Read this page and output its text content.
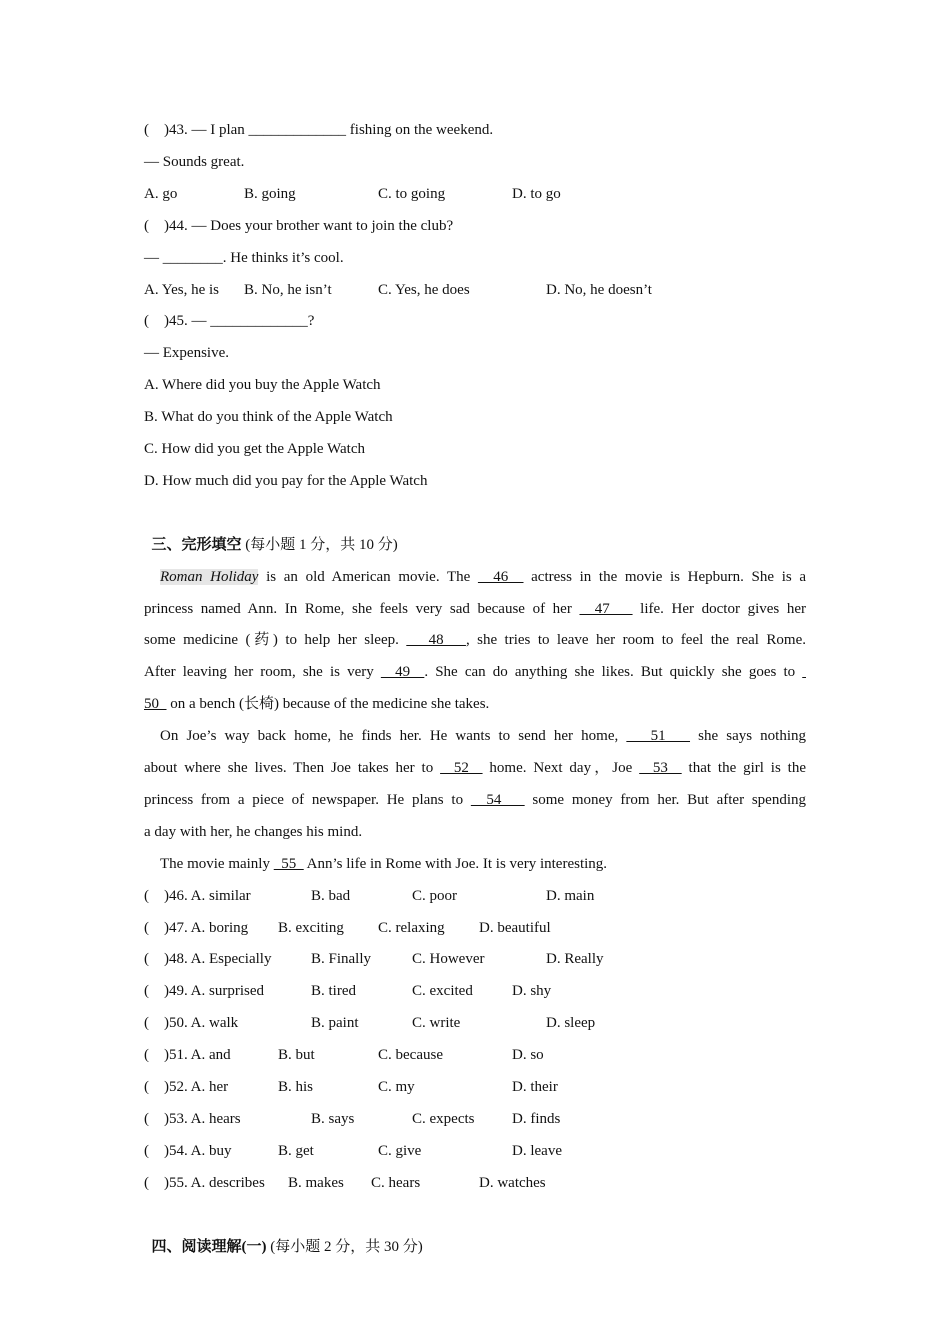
(    )43. — I plan _____________ fishing on the weekend.
— Sounds great.
A. go	B. going	C. to going	D. to go
(    )44. — Does your brother want to join the club?
— ________. He thinks it’s cool.
A. Yes, he is B. No, he isn’t	C. Yes, he does	D. No, he doesn’t
(    )45. — _____________?
— Expensive.
A. Where did you buy the Apple Watch
B. What do you think of the Apple Watch
C. How did you get the Apple Watch
D. How much did you pay for the Apple Watch
Roman Holiday is an old American movie. The   46   actress in the movie is Hepburn. She is a
princess named Ann. In Rome, she feels very sad because of her   47    life. Her doctor gives her
some medicine (药) to help her sleep.    48   , she tries to leave her room to feel the real Rome.
After leaving her room, she is very   49  . She can do anything she likes. But quickly she goes to
50   on a bench (长椅) because of the medicine she takes.
On Joe’s way back home, he finds her. He wants to send her home,    51    she says nothing
about where she lives. Then Joe takes her to   52   home. Next day，Joe   53   that the girl is the
princess from a piece of newspaper. He plans to   54    some money from her. But after spending
a day with her, he changes his mind.
The movie mainly   55   Ann’s life in Rome with Joe. It is very interesting.
(    )46. A. similar	B. bad	C. poor	D. main
(    )47. A. boring B. exciting C. relaxing D. beautiful
(    )48. A. Especially	B. Finally	C. However	D. Really
(    )49. A. surprised	B. tired	C. excited	D. shy
(    )50. A. walk	B. paint	C. write	D. sleep
(    )51. A. and	B. but	C. because	D. so
(    )52. A. her	B. his	C. my	D. their
(    )53. A. hears	B. says	C. expects	D. finds
(    )54. A. buy	B. get	C. give	D. leave
(    )55. A. describes B. makes C. hears	D. watches

三、完形填空 (每小题 1 分，共 10 分)

四、阅读理解(一) (每小题 2 分，共 30 分)
